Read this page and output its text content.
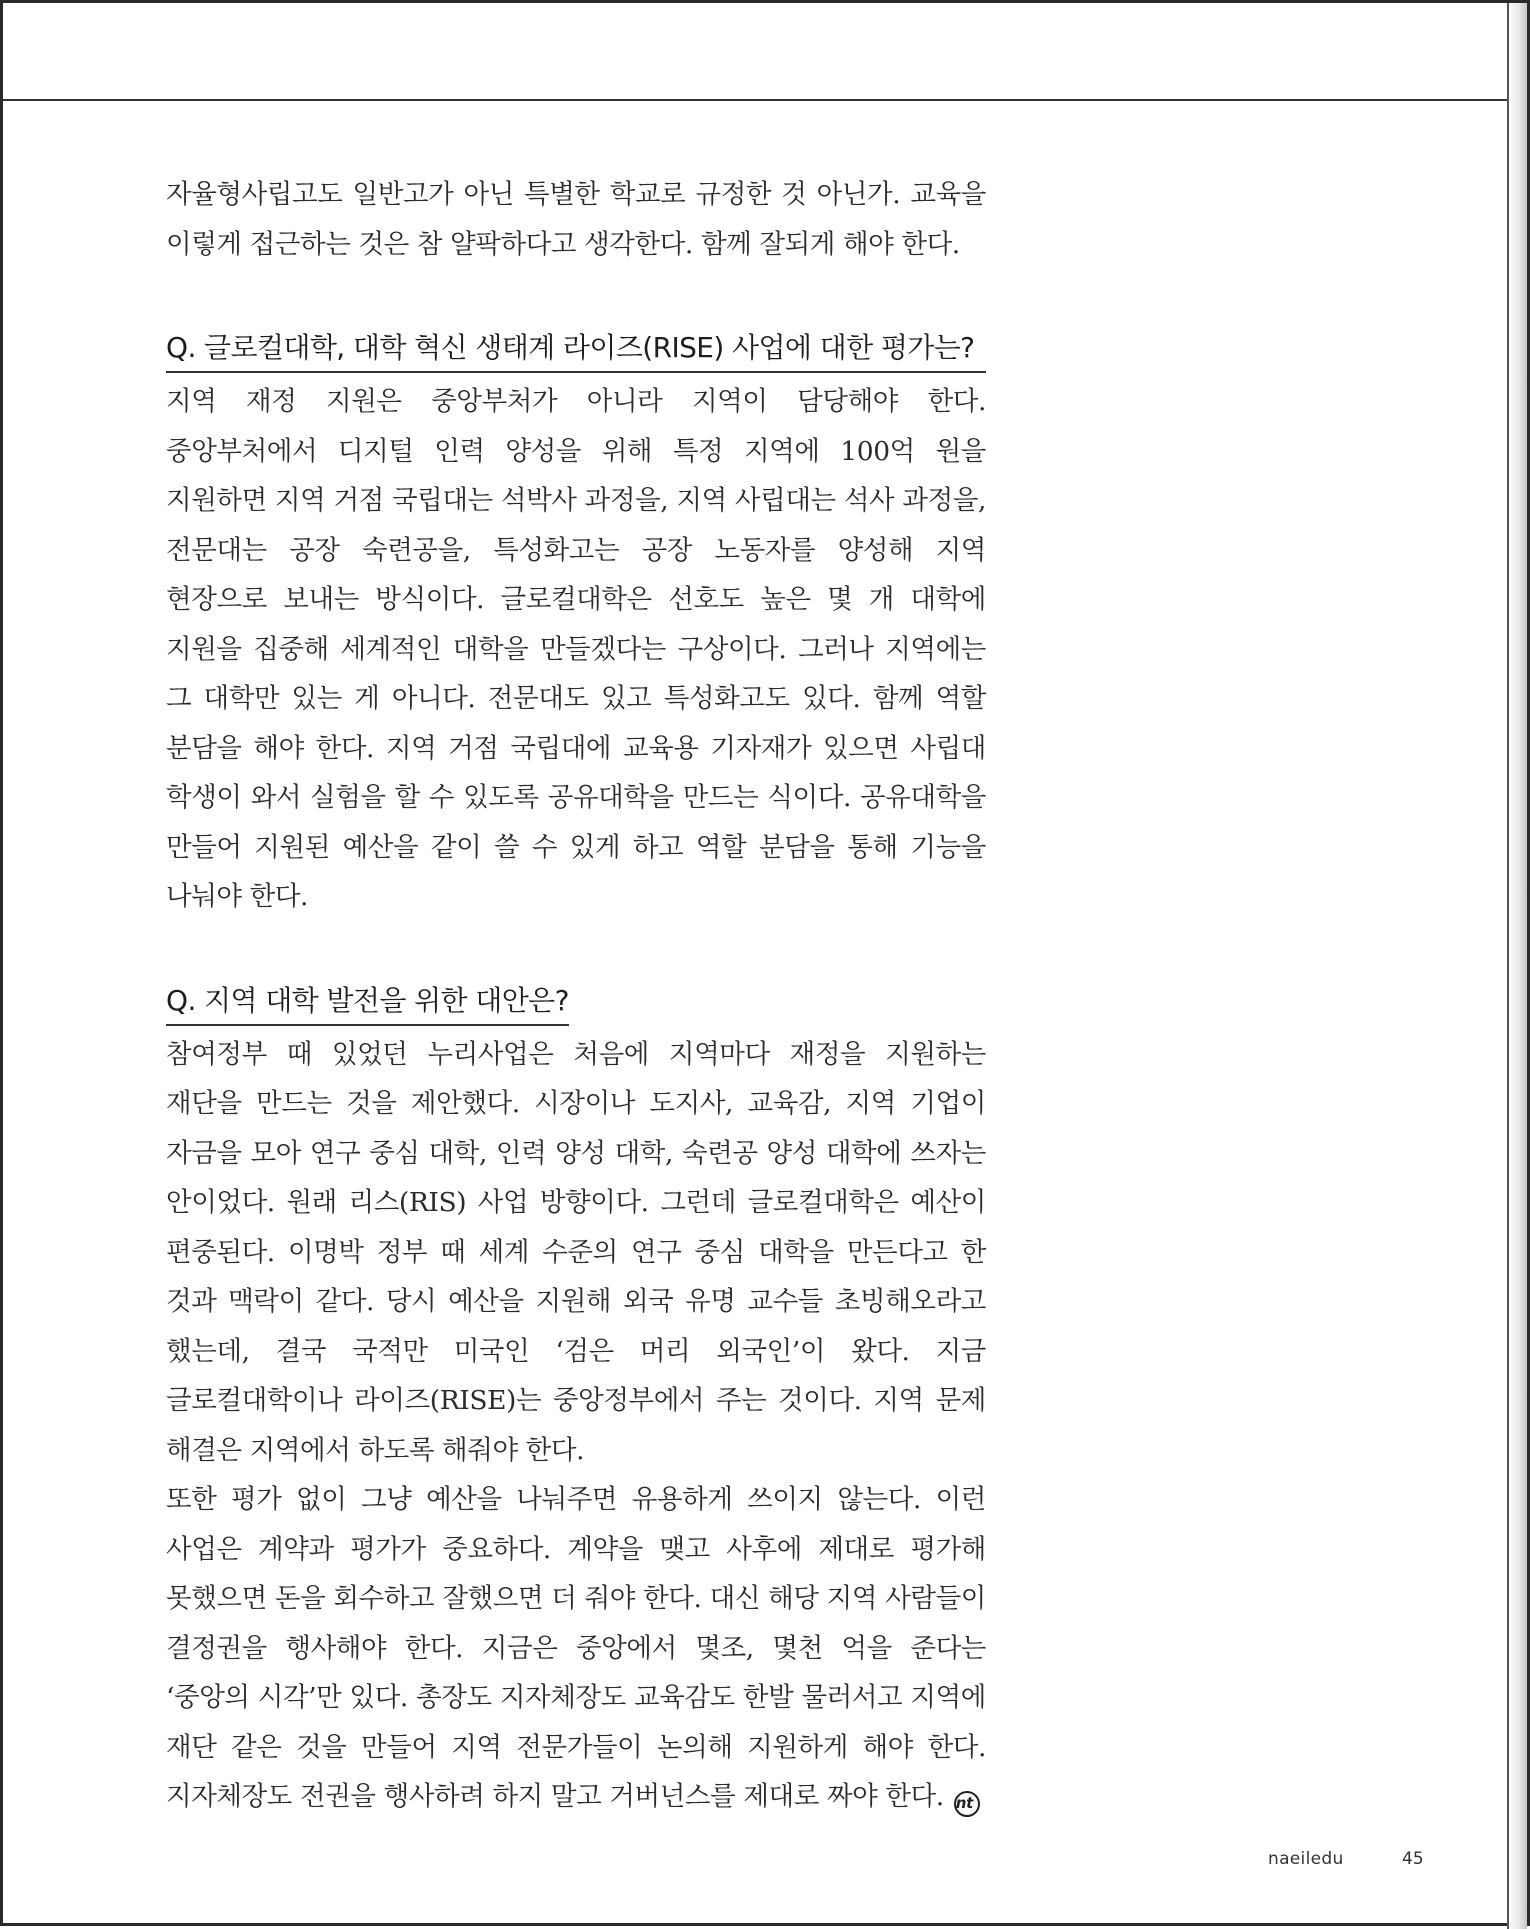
자율형사립고도 일반고가 아닌 특별한 학교로 규정한 것 아닌가. 교육을 이렇게 접근하는 것은 참 얄팍하다고 생각한다. 함께 잘되게 해야 한다.

Q. 글로컬대학, 대학 혁신 생태계 라이즈(RISE) 사업에 대한 평가는?

지역 재정 지원은 중앙부처가 아니라 지역이 담당해야 한다. 중앙부처에서 디지털 인력 양성을 위해 특정 지역에 100억 원을 지원하면 지역 거점 국립대는 석박사 과정을, 지역 사립대는 석사 과정을, 전문대는 공장 숙련공을, 특성화고는 공장 노동자를 양성해 지역 현장으로 보내는 방식이다. 글로컬대학은 선호도 높은 몇 개 대학에 지원을 집중해 세계적인 대학을 만들겠다는 구상이다. 그러나 지역에는 그 대학만 있는 게 아니다. 전문대도 있고 특성화고도 있다. 함께 역할 분담을 해야 한다. 지역 거점 국립대에 교육용 기자재가 있으면 사립대 학생이 와서 실험을 할 수 있도록 공유대학을 만드는 식이다. 공유대학을 만들어 지원된 예산을 같이 쓸 수 있게 하고 역할 분담을 통해 기능을 나눠야 한다.

Q. 지역 대학 발전을 위한 대안은?

참여정부 때 있었던 누리사업은 처음에 지역마다 재정을 지원하는 재단을 만드는 것을 제안했다. 시장이나 도지사, 교육감, 지역 기업이 자금을 모아 연구 중심 대학, 인력 양성 대학, 숙련공 양성 대학에 쓰자는 안이었다. 원래 리스(RIS) 사업 방향이다. 그런데 글로컬대학은 예산이 편중된다. 이명박 정부 때 세계 수준의 연구 중심 대학을 만든다고 한 것과 맥락이 같다. 당시 예산을 지원해 외국 유명 교수들 초빙해오라고 했는데, 결국 국적만 미국인 ‘검은 머리 외국인’이 왔다. 지금 글로컬대학이나 라이즈(RISE)는 중앙정부에서 주는 것이다. 지역 문제 해결은 지역에서 하도록 해줘야 한다.

또한 평가 없이 그냥 예산을 나눠주면 유용하게 쓰이지 않는다. 이런 사업은 계약과 평가가 중요하다. 계약을 맺고 사후에 제대로 평가해 못했으면 돈을 회수하고 잘했으면 더 줘야 한다. 대신 해당 지역 사람들이 결정권을 행사해야 한다. 지금은 중앙에서 몇조, 몇천 억을 준다는 ‘중앙의 시각’만 있다. 총장도 지자체장도 교육감도 한발 물러서고 지역에 재단 같은 것을 만들어 지역 전문가들이 논의해 지원하게 해야 한다. 지자체장도 전권을 행사하려 하지 말고 거버넌스를 제대로 짜야 한다. nt

naeiledu	45
